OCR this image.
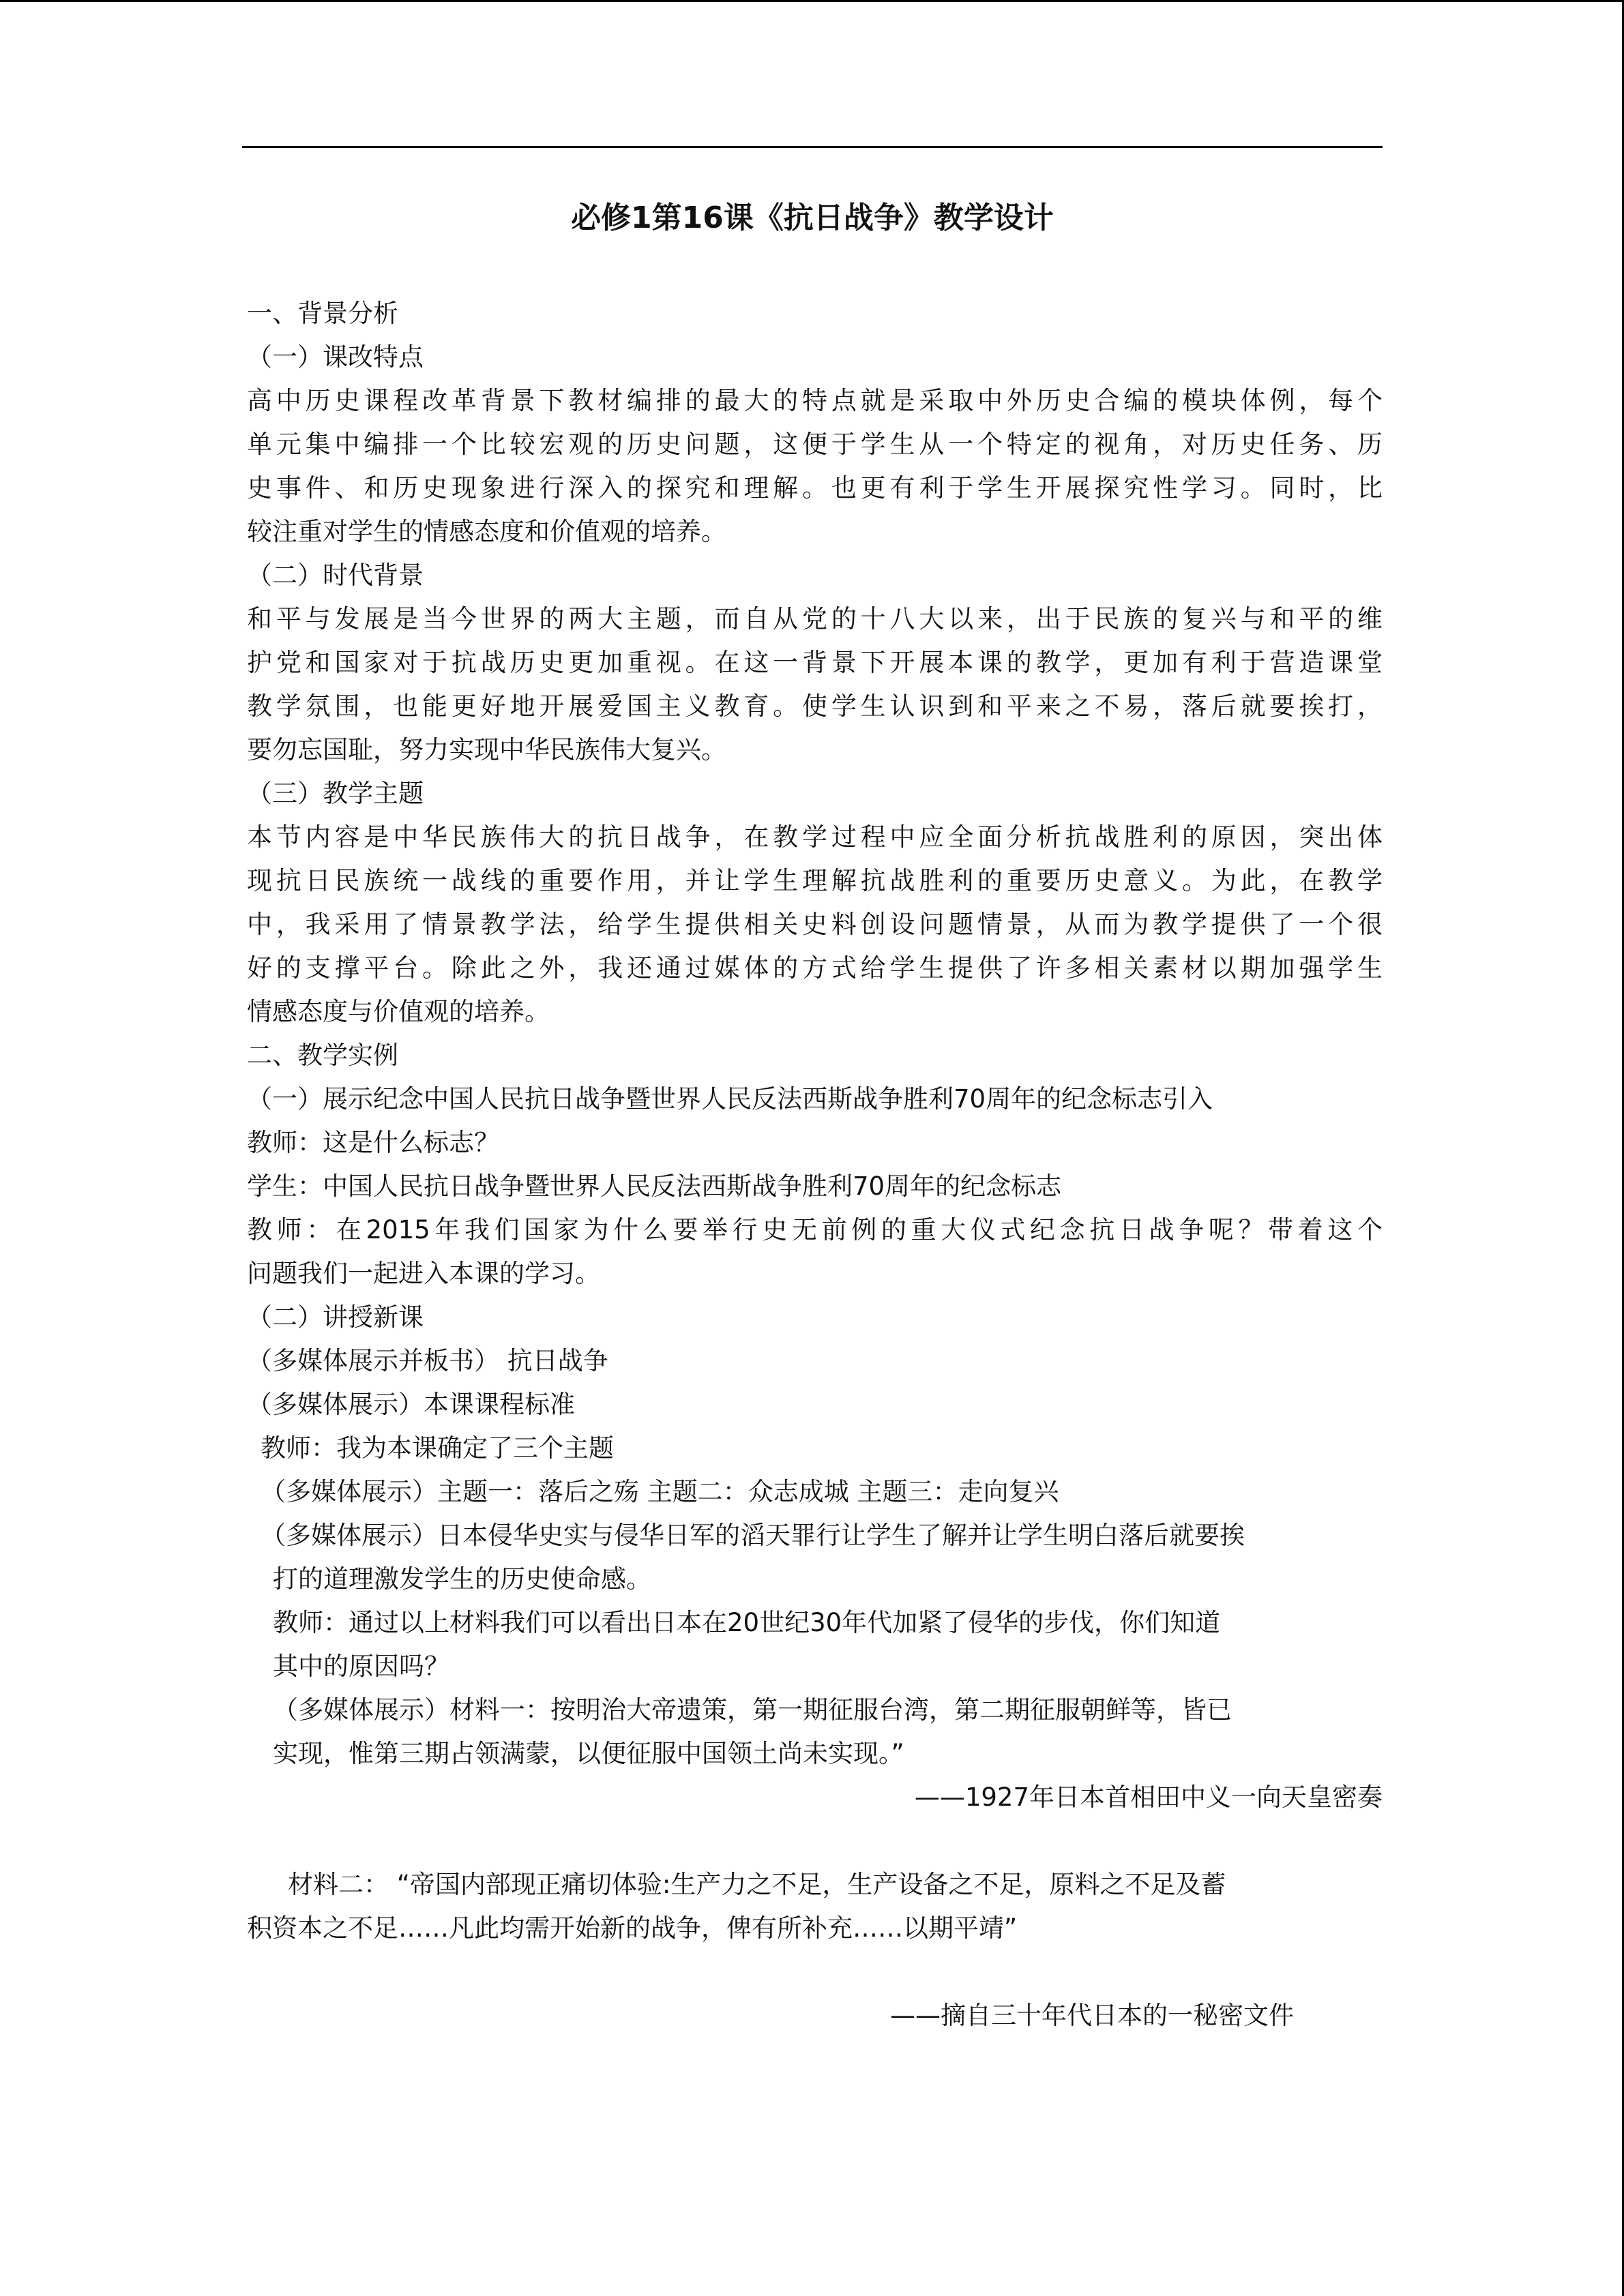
必修1第16课《抗日战争》教学设计
一、背景分析
（一）课改特点
高中历史课程改革背景下教材编排的最大的特点就是采取中外历史合编的模块体例，每个
单元集中编排一个比较宏观的历史问题，这便于学生从一个特定的视角，对历史任务、历
史事件、和历史现象进行深入的探究和理解。也更有利于学生开展探究性学习。同时，比
较注重对学生的情感态度和价值观的培养。
（二）时代背景
和平与发展是当今世界的两大主题，而自从党的十八大以来，出于民族的复兴与和平的维
护党和国家对于抗战历史更加重视。在这一背景下开展本课的教学，更加有利于营造课堂
教学氛围，也能更好地开展爱国主义教育。使学生认识到和平来之不易，落后就要挨打，
要勿忘国耻，努力实现中华民族伟大复兴。
（三）教学主题
本节内容是中华民族伟大的抗日战争，在教学过程中应全面分析抗战胜利的原因，突出体
现抗日民族统一战线的重要作用，并让学生理解抗战胜利的重要历史意义。为此，在教学
中，我采用了情景教学法，给学生提供相关史料创设问题情景，从而为教学提供了一个很
好的支撑平台。除此之外，我还通过媒体的方式给学生提供了许多相关素材以期加强学生
情感态度与价值观的培养。
二、教学实例
（一）展示纪念中国人民抗日战争暨世界人民反法西斯战争胜利70周年的纪念标志引入
教师：这是什么标志？
学生：中国人民抗日战争暨世界人民反法西斯战争胜利70周年的纪念标志
教师：在2015年我们国家为什么要举行史无前例的重大仪式纪念抗日战争呢？带着这个
问题我们一起进入本课的学习。
（二）讲授新课
（多媒体展示并板书） 抗日战争
（多媒体展示）本课课程标准
教师：我为本课确定了三个主题
（多媒体展示）主题一：落后之殇 主题二：众志成城 主题三：走向复兴
（多媒体展示）日本侵华史实与侵华日军的滔天罪行让学生了解并让学生明白落后就要挨
打的道理激发学生的历史使命感。
教师：通过以上材料我们可以看出日本在20世纪30年代加紧了侵华的步伐，你们知道
其中的原因吗？
（多媒体展示）材料一：按明治大帝遗策，第一期征服台湾，第二期征服朝鲜等，皆已
实现，惟第三期占领满蒙，以便征服中国领土尚未实现。”
——1927年日本首相田中义一向天皇密奏
材料二： “帝国内部现正痛切体验:生产力之不足，生产设备之不足，原料之不足及蓄
积资本之不足……凡此均需开始新的战争，俾有所补充……以期平靖”
——摘自三十年代日本的一秘密文件
